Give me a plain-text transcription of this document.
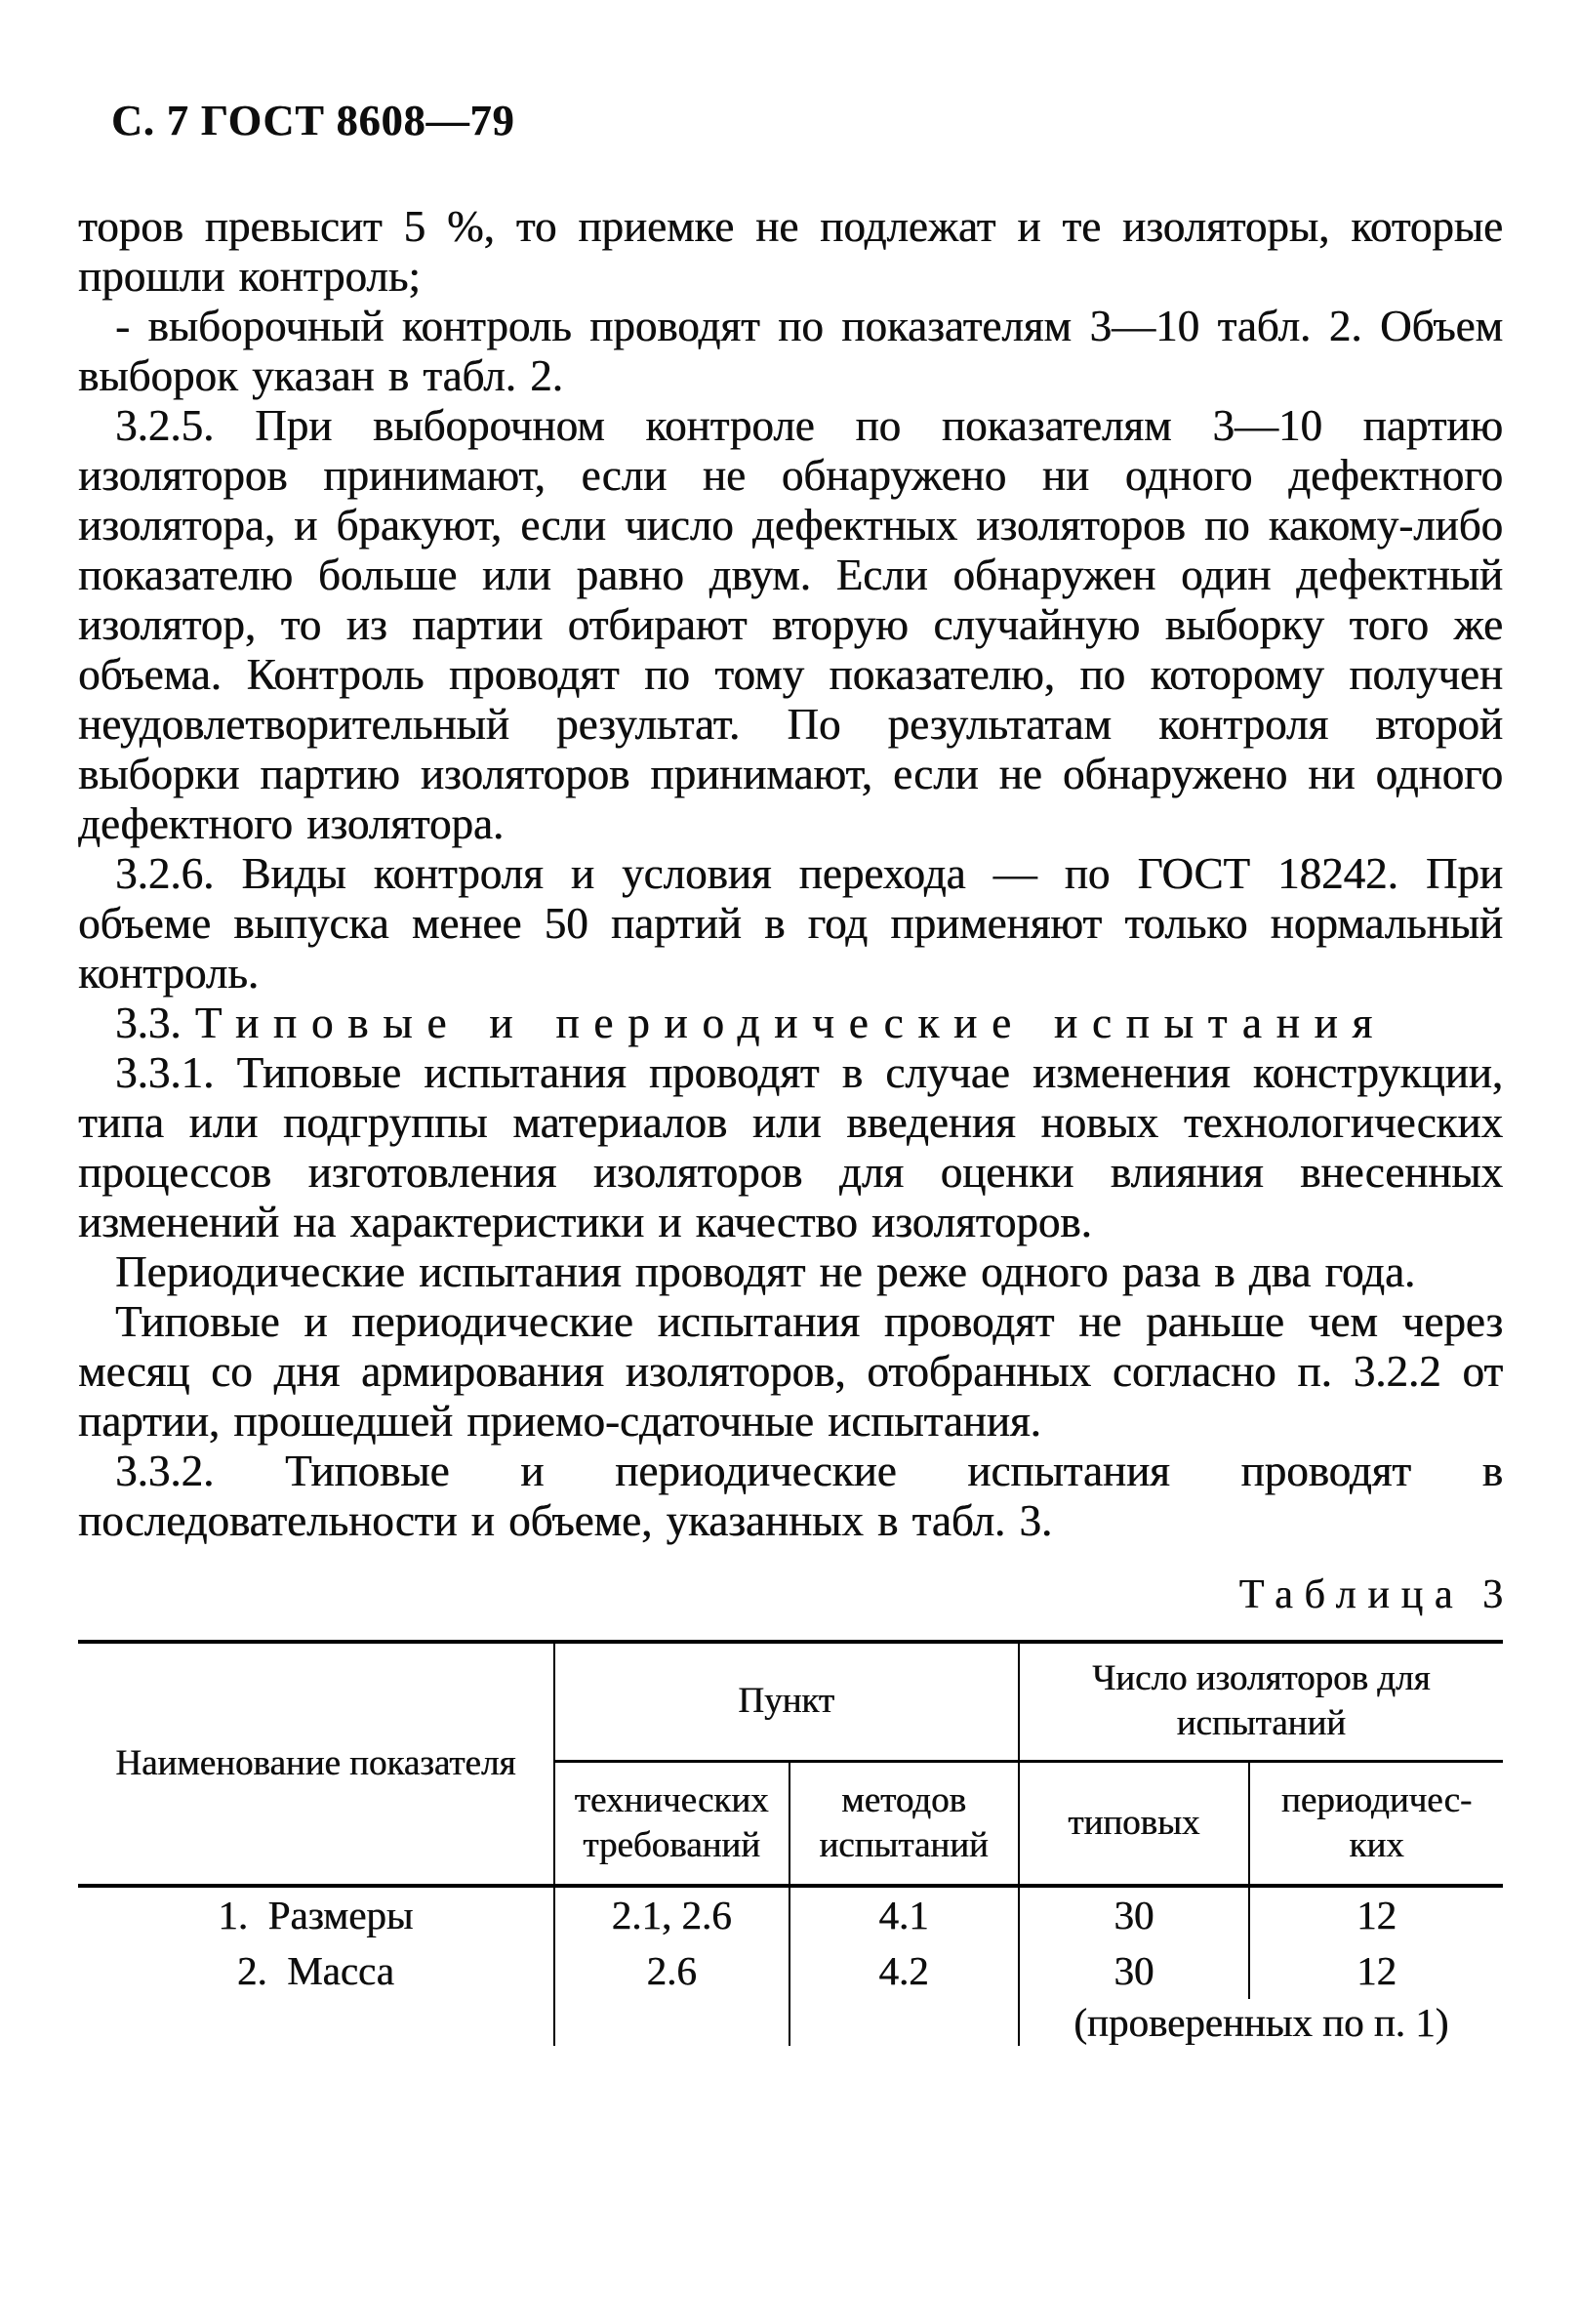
С. 7 ГОСТ 8608—79

торов превысит 5 %, то приемке не подлежат и те изоляторы, которые прошли контроль;

- выборочный контроль проводят по показателям 3—10 табл. 2. Объем выборок указан в табл. 2.

3.2.5. При выборочном контроле по показателям 3—10 партию изоляторов принимают, если не обнаружено ни одного дефектного изолятора, и бракуют, если число дефектных изоляторов по какому-либо показателю больше или равно двум. Если обнаружен один дефектный изолятор, то из партии отбирают вторую случайную выборку того же объема. Контроль проводят по тому показателю, по которому получен неудовлетворительный результат. По результатам контроля второй выборки партию изоляторов принимают, если не обнаружено ни одного дефектного изолятора.

3.2.6. Виды контроля и условия перехода — по ГОСТ 18242. При объеме выпуска менее 50 партий в год применяют только нормальный контроль.

3.3. Типовые и периодические испытания

3.3.1. Типовые испытания проводят в случае изменения конструкции, типа или подгруппы материалов или введения новых технологических процессов изготовления изоляторов для оценки влияния внесенных изменений на характеристики и качество изоляторов.

Периодические испытания проводят не реже одного раза в два года.

Типовые и периодические испытания проводят не раньше чем через месяц со дня армирования изоляторов, отобранных согласно п. 3.2.2 от партии, прошедшей приемо-сдаточные испытания.

3.3.2. Типовые и периодические испытания проводят в последовательности и объеме, указанных в табл. 3.

Таблица 3
Наименование показателя	Пункт		Число изоляторов для испытаний	
	технических требований	методов испытаний	типовых	периодичес-
ких

1.  Размеры	2.1, 2.6	4.1	30	12
2.  Масса	2.6	4.2	30	12
			(проверенных по п. 1)	
